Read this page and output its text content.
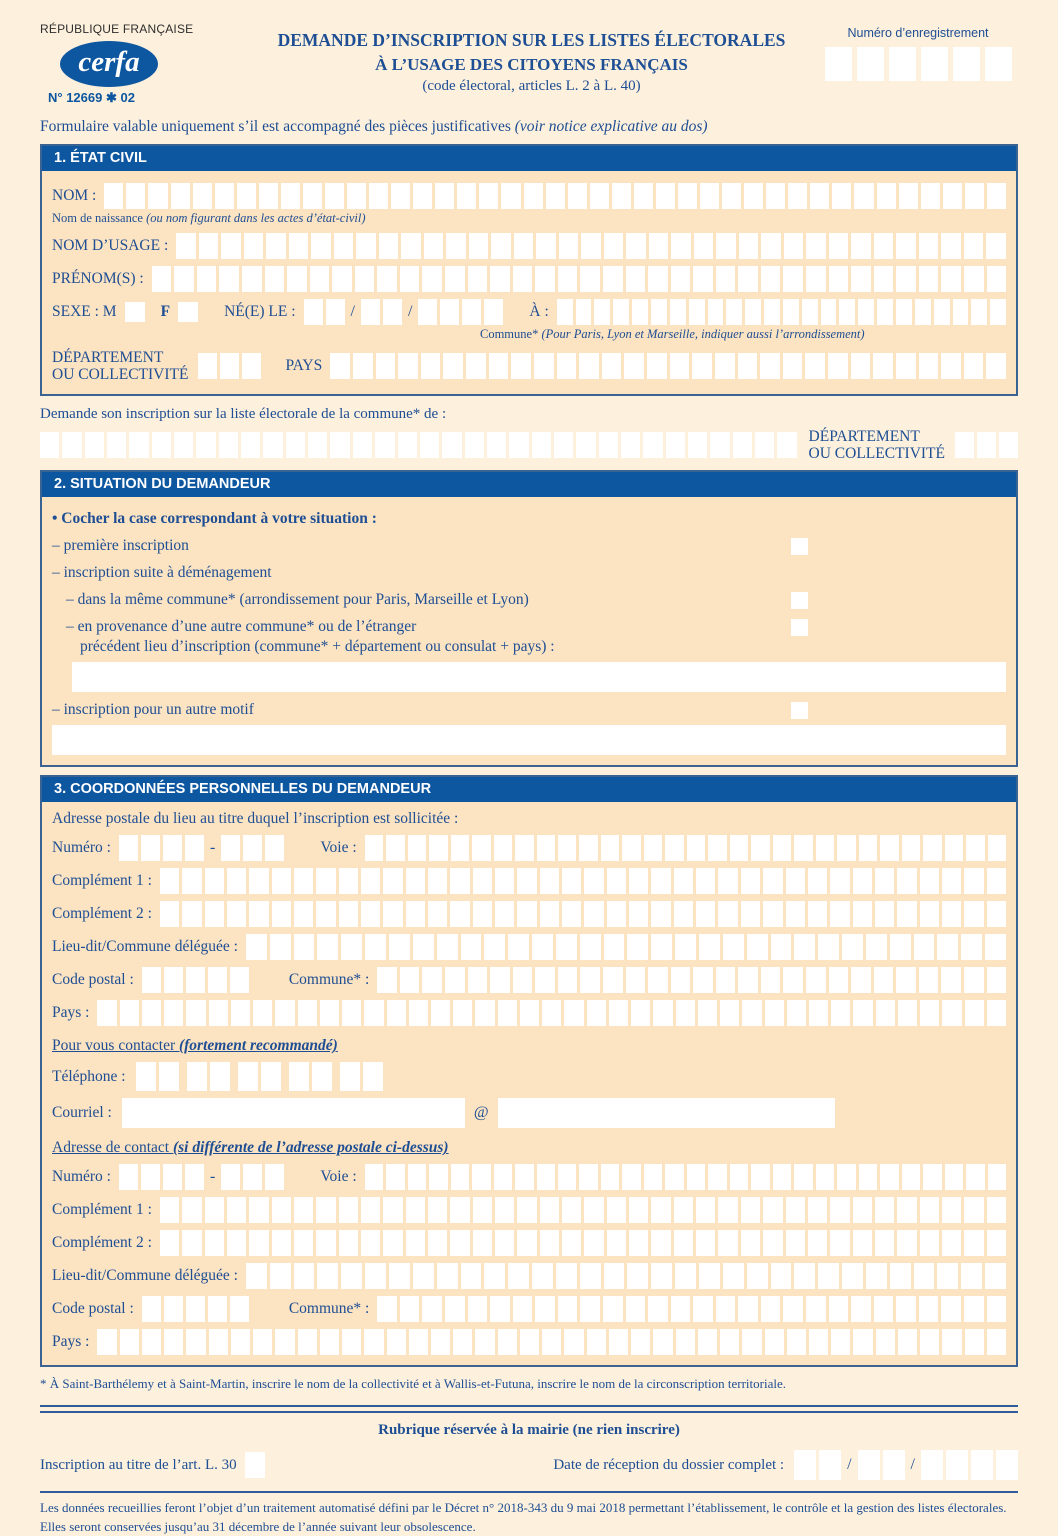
RÉPUBLIQUE FRANÇAISE
cerfa
N° 12669 ✱ 02
DEMANDE D’INSCRIPTION SUR LES LISTES ÉLECTORALES
À L’USAGE DES CITOYENS FRANÇAIS
(code électoral, articles L. 2 à L. 40)
Numéro d’enregistrement
Formulaire valable uniquement s’il est accompagné des pièces justificatives (voir notice explicative au dos)
1. ÉTAT CIVIL
NOM :
Nom de naissance (ou nom figurant dans les actes d’état-civil)
NOM D’USAGE :
PRÉNOM(S) :
SEXE : M	F	NÉ(E) LE :	/	/	À :
Commune* (Pour Paris, Lyon et Marseille, indiquer aussi l’arrondissement)
DÉPARTEMENT
OU COLLECTIVITÉ
PAYS
Demande son inscription sur la liste électorale de la commune* de :
DÉPARTEMENT
OU COLLECTIVITÉ
2. SITUATION DU DEMANDEUR
• Cocher la case correspondant à votre situation :
– première inscription
– inscription suite à déménagement
– dans la même commune* (arrondissement pour Paris, Marseille et Lyon)
– en provenance d’une autre commune* ou de l’étranger
précédent lieu d’inscription (commune* + département ou consulat + pays) :
– inscription pour un autre motif
3. COORDONNÉES PERSONNELLES DU DEMANDEUR
Adresse postale du lieu au titre duquel l’inscription est sollicitée :
Numéro :	-	Voie :
Complément 1 :
Complément 2 :
Lieu-dit/Commune déléguée :
Code postal :	Commune* :
Pays :
Pour vous contacter (fortement recommandé)
Téléphone :
Courriel :	@
Adresse de contact (si différente de l’adresse postale ci-dessus)
Numéro :	-	Voie :
Complément 1 :
Complément 2 :
Lieu-dit/Commune déléguée :
Code postal :	Commune* :
Pays :
* À Saint-Barthélemy et à Saint-Martin, inscrire le nom de la collectivité et à Wallis-et-Futuna, inscrire le nom de la circonscription territoriale.
Rubrique réservée à la mairie (ne rien inscrire)
Inscription au titre de l’art. L. 30	Date de réception du dossier complet :	/	/
Les données recueillies feront l’objet d’un traitement automatisé défini par le Décret n° 2018-343 du 9 mai 2018 permettant l’établissement, le contrôle et la gestion des listes électorales. Elles seront conservées jusqu’au 31 décembre de l’année suivant leur obsolescence.
